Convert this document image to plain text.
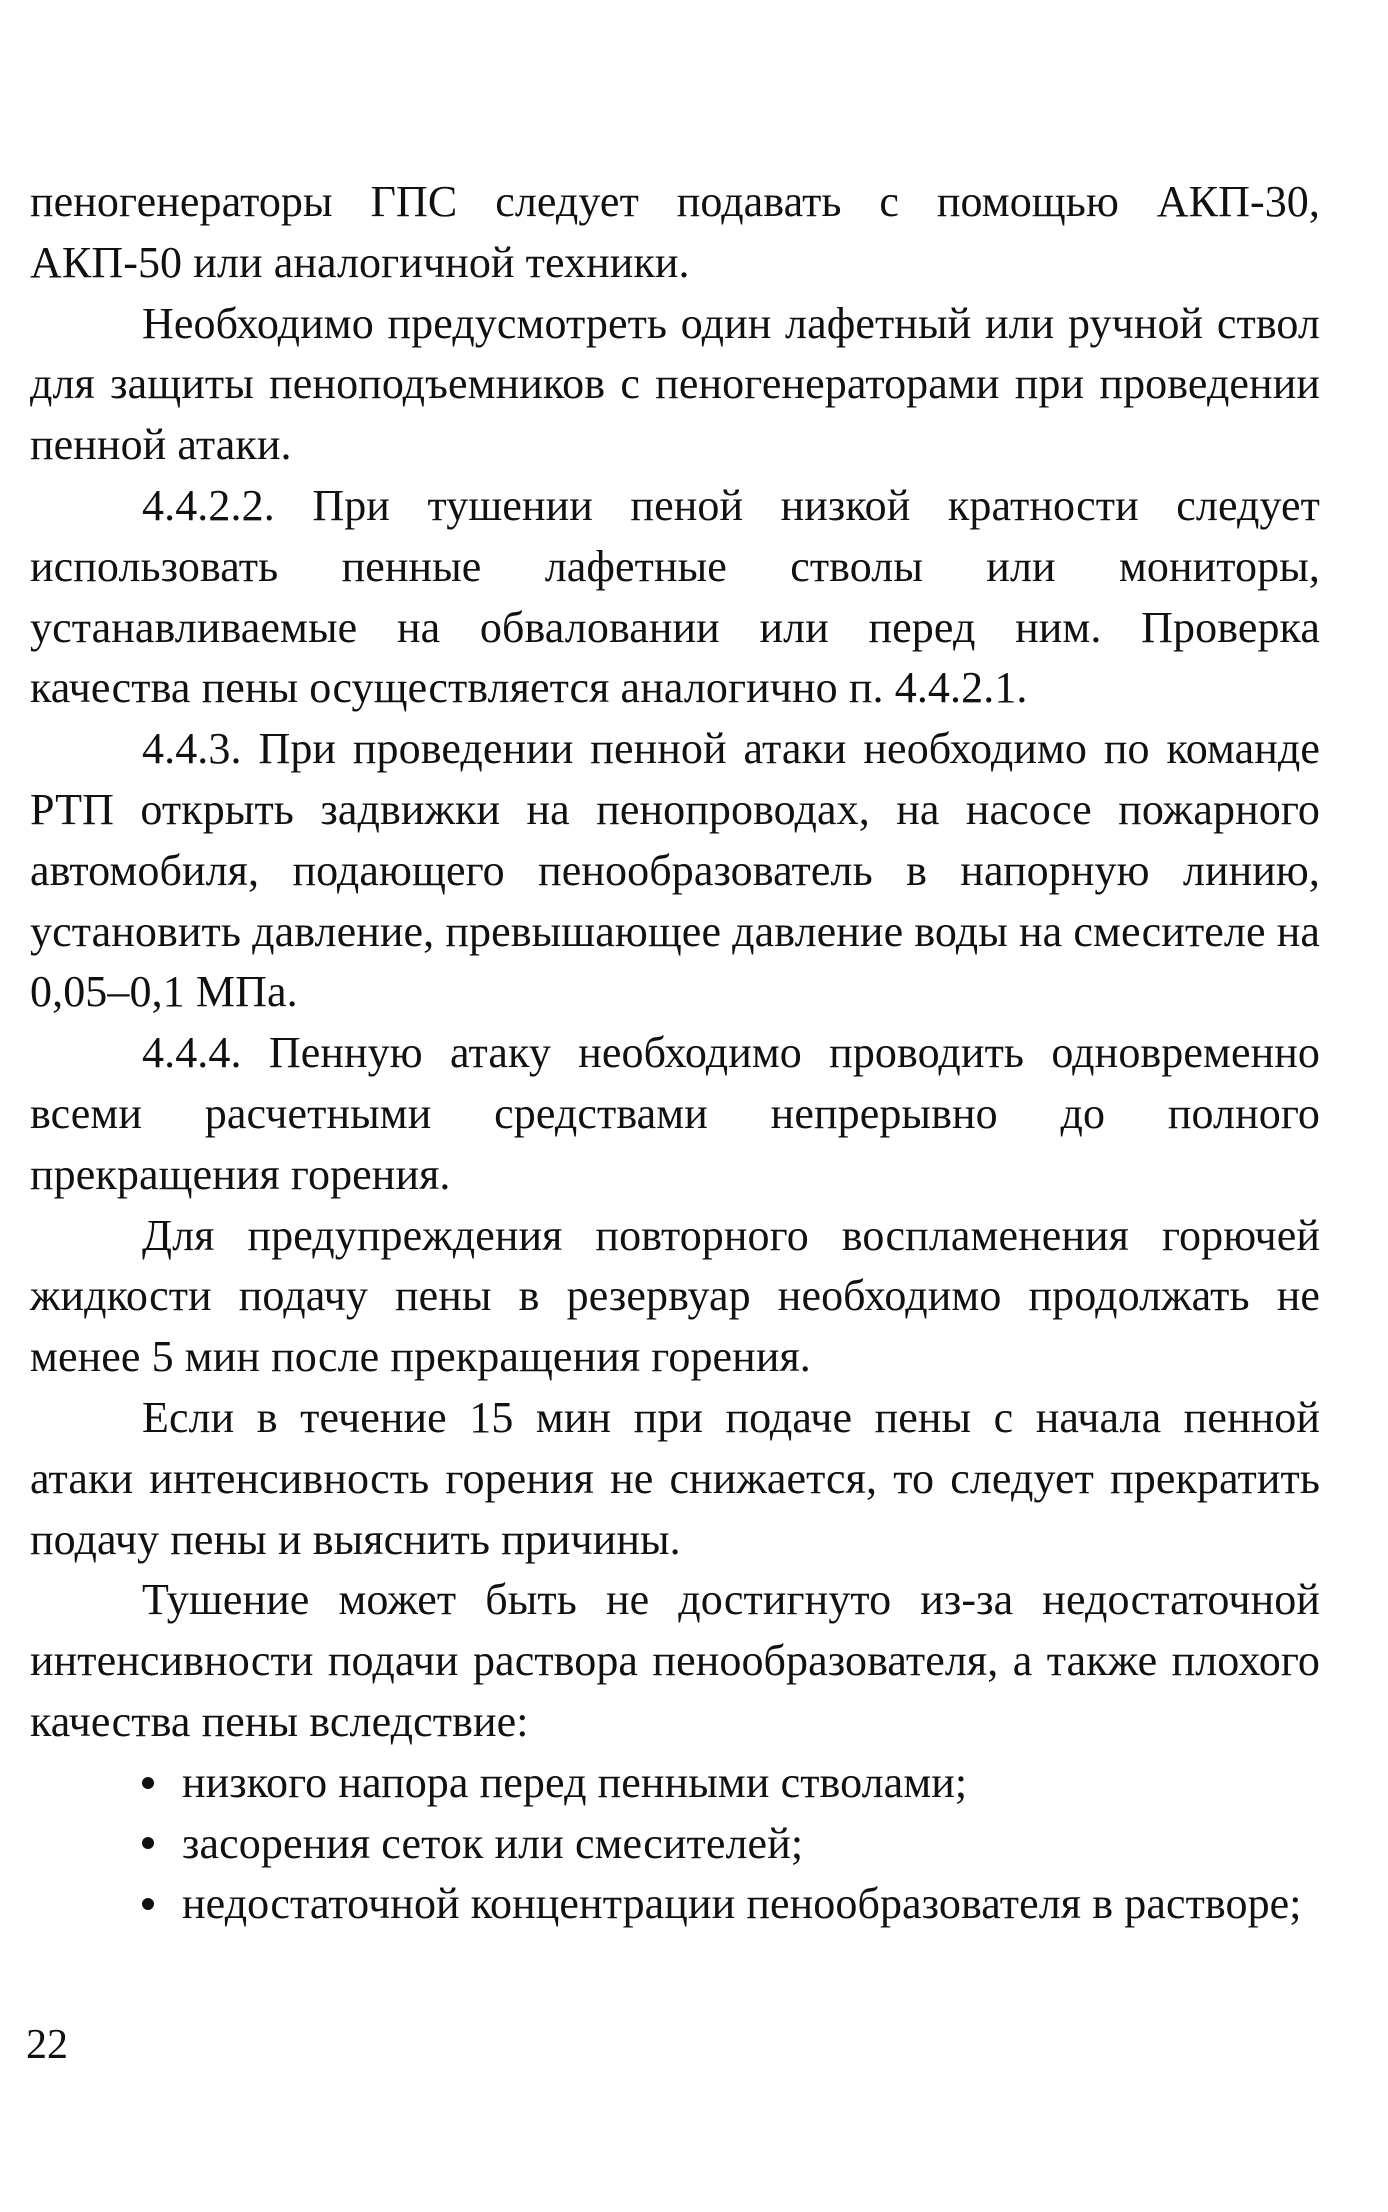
пеногенераторы ГПС следует подавать с помощью АКП-30, АКП-50 или аналогичной техники.

Необходимо предусмотреть один лафетный или ручной ствол для защиты пеноподъемников с пеногенераторами при проведении пенной атаки.

4.4.2.2. При тушении пеной низкой кратности следует использовать пенные лафетные стволы или мониторы, устанавливаемые на обваловании или перед ним. Проверка качества пены осуществляется аналогично п. 4.4.2.1.

4.4.3. При проведении пенной атаки необходимо по команде РТП открыть задвижки на пенопроводах, на насосе пожарного автомобиля, подающего пенообразователь в напорную линию, установить давление, превышающее давление воды на смесителе на 0,05–0,1 МПа.

4.4.4. Пенную атаку необходимо проводить одновременно всеми расчетными средствами непрерывно до полного прекращения горения.

Для предупреждения повторного воспламенения горючей жидкости подачу пены в резервуар необходимо продолжать не менее 5 мин после прекращения горения.

Если в течение 15 мин при подаче пены с начала пенной атаки интенсивность горения не снижается, то следует прекратить подачу пены и выяснить причины.

Тушение может быть не достигнуто из-за недостаточной интенсивности подачи раствора пенообразователя, а также плохого качества пены вследствие:

низкого напора перед пенными стволами;
засорения сеток или смесителей;
недостаточной концентрации пенообразователя в растворе;
22
